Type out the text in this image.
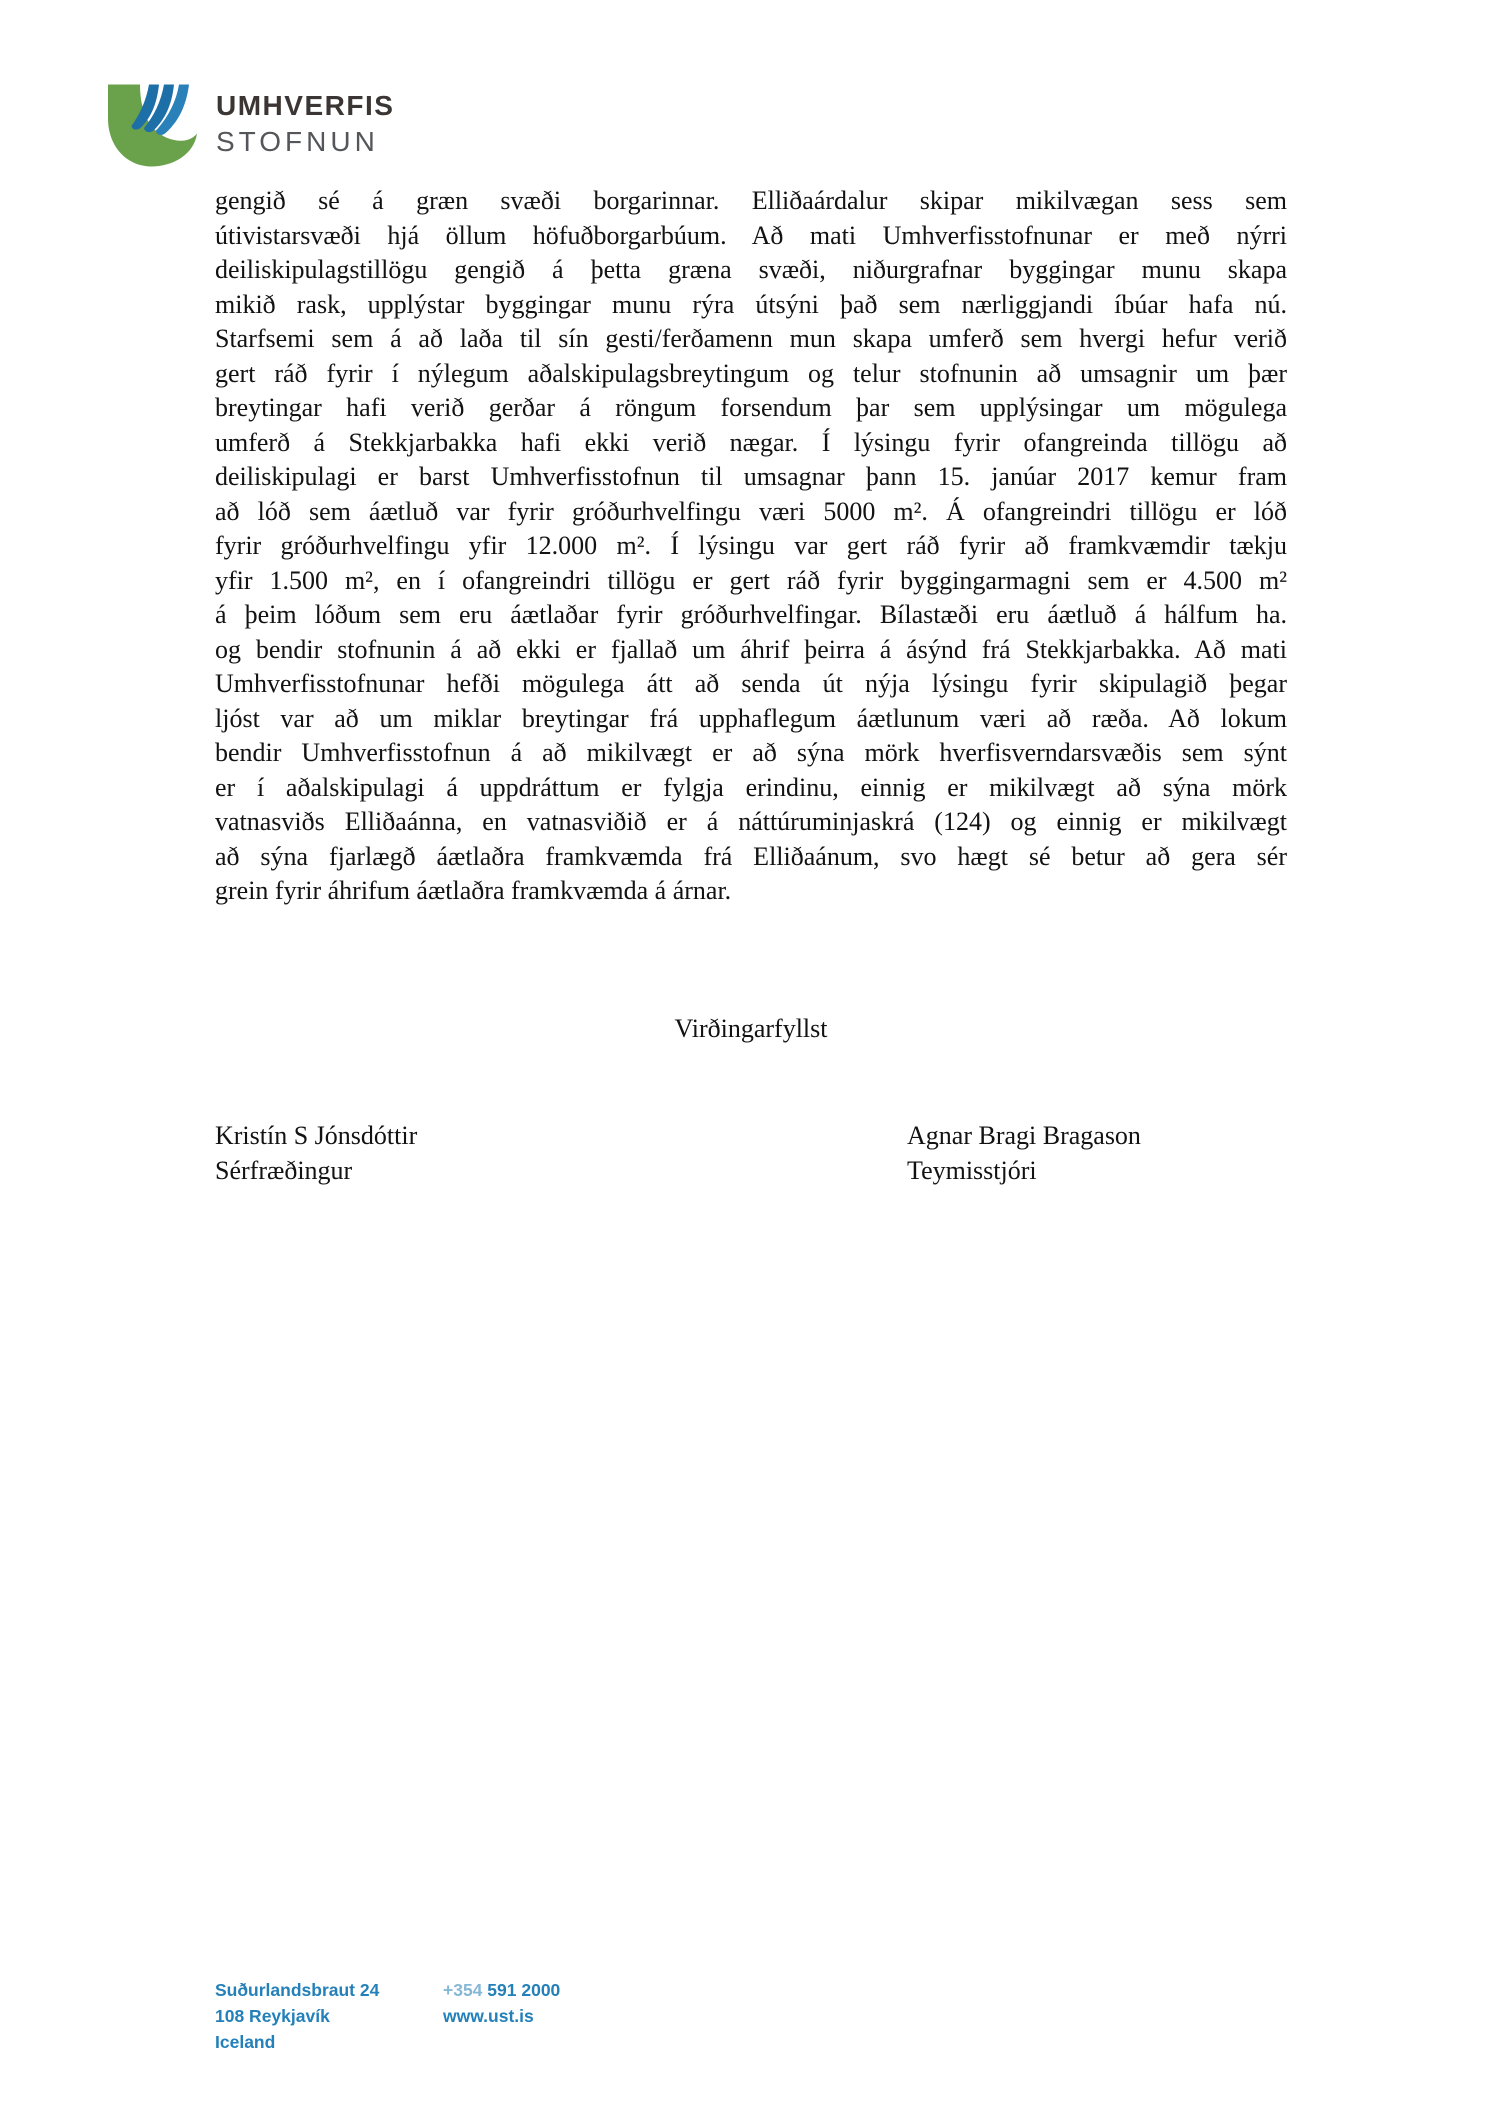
UMHVERFIS
STOFNUN
gengið sé á græn svæði borgarinnar. Elliðaárdalur skipar mikilvægan sess sem
útivistarsvæði hjá öllum höfuðborgarbúum. Að mati Umhverfisstofnunar er með nýrri
deiliskipulagstillögu gengið á þetta græna svæði, niðurgrafnar byggingar munu skapa
mikið rask, upplýstar byggingar munu rýra útsýni það sem nærliggjandi íbúar hafa nú.
Starfsemi sem á að laða til sín gesti/ferðamenn mun skapa umferð sem hvergi hefur verið
gert ráð fyrir í nýlegum aðalskipulagsbreytingum og telur stofnunin að umsagnir um þær
breytingar hafi verið gerðar á röngum forsendum þar sem upplýsingar um mögulega
umferð á Stekkjarbakka hafi ekki verið nægar. Í lýsingu fyrir ofangreinda tillögu að
deiliskipulagi er barst Umhverfisstofnun til umsagnar þann 15. janúar 2017 kemur fram
að lóð sem áætluð var fyrir gróðurhvelfingu væri 5000 m². Á ofangreindri tillögu er lóð
fyrir gróðurhvelfingu yfir 12.000 m². Í lýsingu var gert ráð fyrir að framkvæmdir tækju
yfir 1.500 m², en í ofangreindri tillögu er gert ráð fyrir byggingarmagni sem er 4.500 m²
á þeim lóðum sem eru áætlaðar fyrir gróðurhvelfingar. Bílastæði eru áætluð á hálfum ha.
og bendir stofnunin á að ekki er fjallað um áhrif þeirra á ásýnd frá Stekkjarbakka. Að mati
Umhverfisstofnunar hefði mögulega átt að senda út nýja lýsingu fyrir skipulagið þegar
ljóst var að um miklar breytingar frá upphaflegum áætlunum væri að ræða. Að lokum
bendir Umhverfisstofnun á að mikilvægt er að sýna mörk hverfisverndarsvæðis sem sýnt
er í aðalskipulagi á uppdráttum er fylgja erindinu, einnig er mikilvægt að sýna mörk
vatnasviðs Elliðaánna, en vatnasviðið er á náttúruminjaskrá (124) og einnig er mikilvægt
að sýna fjarlægð áætlaðra framkvæmda frá Elliðaánum, svo hægt sé betur að gera sér
grein fyrir áhrifum áætlaðra framkvæmda á árnar.
Virðingarfyllst
Kristín S Jónsdóttir
Sérfræðingur
Agnar Bragi Bragason
Teymisstjóri
Suðurlandsbraut 24
108 Reykjavík
Iceland
+354 591 2000
www.ust.is
